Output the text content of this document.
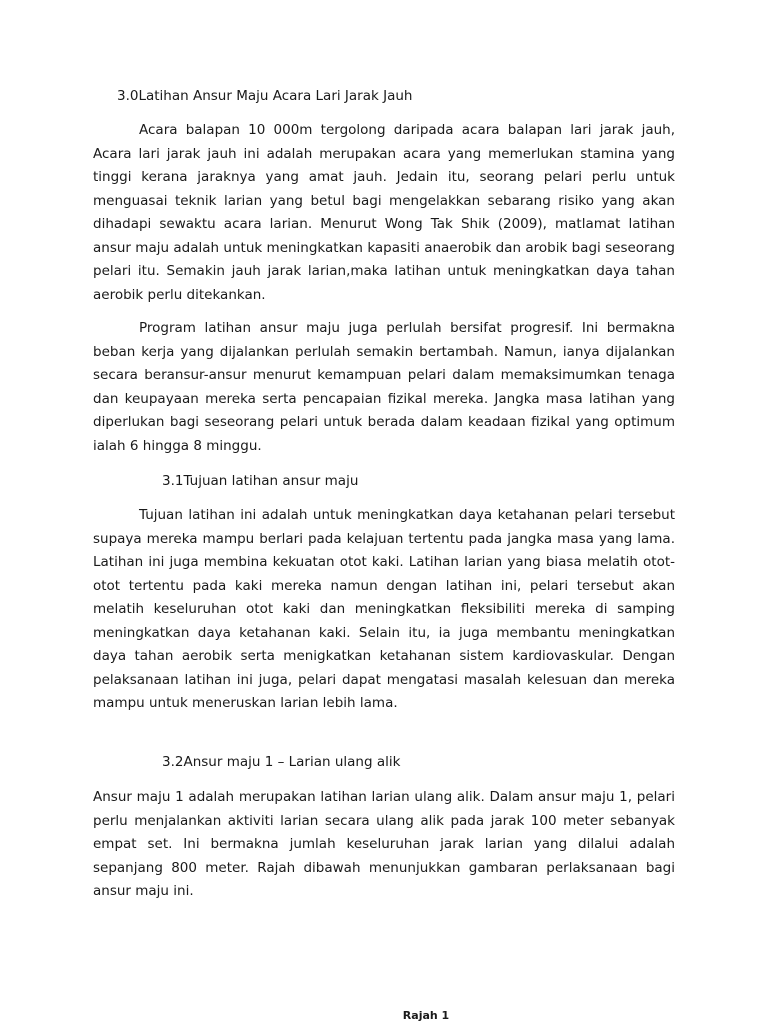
3.0Latihan Ansur Maju Acara Lari Jarak Jauh

Acara balapan 10 000m tergolong daripada acara balapan lari jarak jauh, Acara lari jarak jauh ini adalah merupakan acara yang memerlukan stamina yang tinggi kerana jaraknya yang amat jauh. Jedain itu, seorang pelari perlu untuk menguasai teknik larian yang betul bagi mengelakkan sebarang risiko yang akan dihadapi sewaktu acara larian. Menurut Wong Tak Shik (2009), matlamat latihan ansur maju adalah untuk meningkatkan kapasiti anaerobik dan arobik bagi seseorang pelari itu. Semakin jauh jarak larian,maka latihan untuk meningkatkan daya tahan aerobik perlu ditekankan.

Program latihan ansur maju juga perlulah bersifat progresif. Ini bermakna beban kerja yang dijalankan perlulah semakin bertambah. Namun, ianya dijalankan secara beransur-ansur menurut kemampuan pelari dalam memaksimumkan tenaga dan keupayaan mereka serta pencapaian fizikal mereka. Jangka masa latihan yang diperlukan bagi seseorang pelari untuk berada dalam keadaan fizikal yang optimum ialah 6 hingga 8 minggu.

3.1Tujuan latihan ansur maju

Tujuan latihan ini adalah untuk meningkatkan daya ketahanan pelari tersebut supaya mereka mampu berlari pada kelajuan tertentu pada jangka masa yang lama. Latihan ini juga membina kekuatan otot kaki. Latihan larian yang biasa melatih otot- otot tertentu pada kaki mereka namun dengan latihan ini, pelari tersebut akan melatih keseluruhan otot kaki dan meningkatkan fleksibiliti mereka di samping meningkatkan daya ketahanan kaki. Selain itu, ia juga membantu meningkatkan daya tahan aerobik serta menigkatkan ketahanan sistem kardiovaskular. Dengan pelaksanaan latihan ini juga, pelari dapat mengatasi masalah kelesuan dan mereka mampu untuk meneruskan larian lebih lama.

3.2Ansur maju 1 – Larian ulang alik

Ansur maju 1 adalah merupakan latihan larian ulang alik. Dalam ansur maju 1, pelari perlu menjalankan aktiviti larian secara ulang alik pada jarak 100 meter sebanyak empat set. Ini bermakna jumlah keseluruhan jarak larian yang dilalui adalah sepanjang 800 meter. Rajah dibawah menunjukkan gambaran perlaksanaan bagi ansur maju ini.

Rajah 1
